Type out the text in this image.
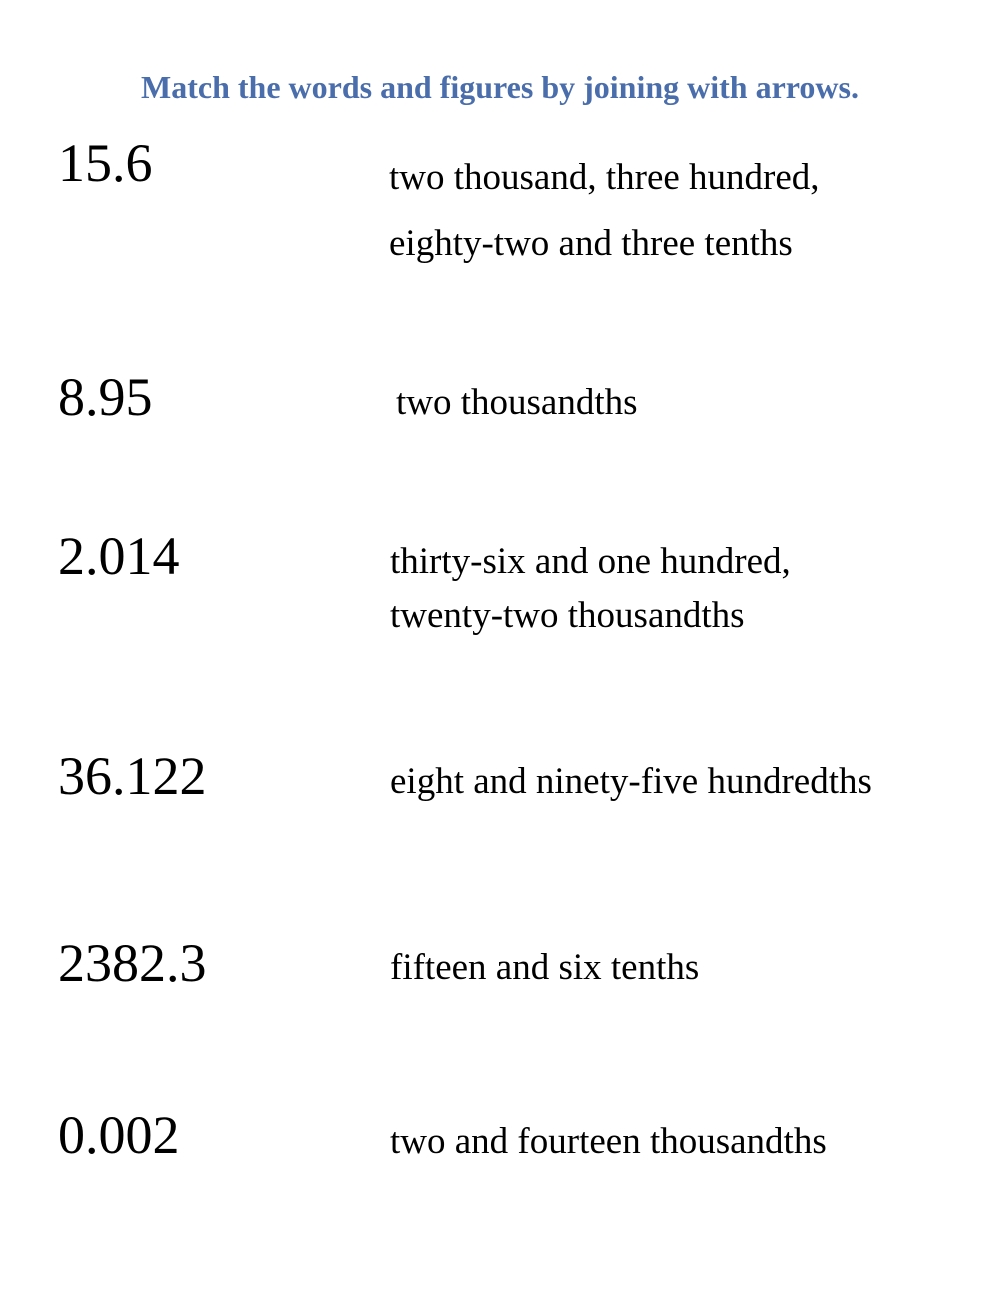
Match the words and figures by joining with arrows.
15.6
8.95
2.014
36.122
2382.3
0.002
two thousand, three hundred,
eighty-two and three tenths
two thousandths
thirty-six and one hundred,
twenty-two thousandths
eight and ninety-five hundredths
fifteen and six tenths
two and fourteen thousandths
